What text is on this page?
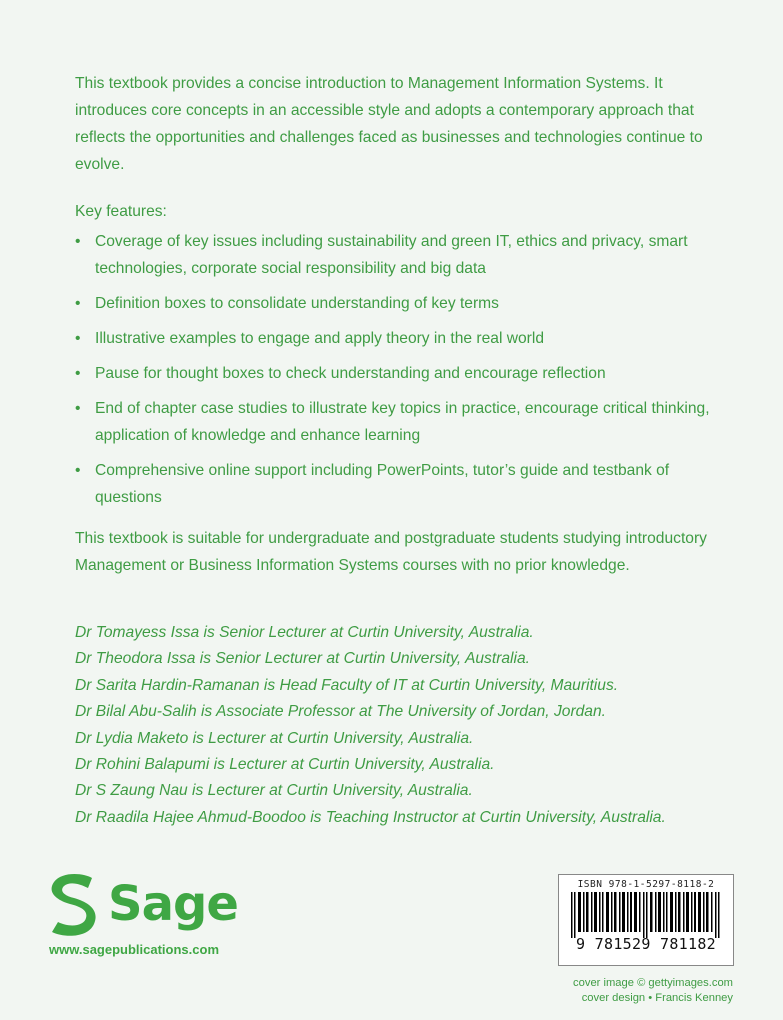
This textbook provides a concise introduction to Management Information Systems. It introduces core concepts in an accessible style and adopts a contemporary approach that reflects the opportunities and challenges faced as businesses and technologies continue to evolve.

Key features:

• Coverage of key issues including sustainability and green IT, ethics and privacy, smart technologies, corporate social responsibility and big data
• Definition boxes to consolidate understanding of key terms
• Illustrative examples to engage and apply theory in the real world
• Pause for thought boxes to check understanding and encourage reflection
• End of chapter case studies to illustrate key topics in practice, encourage critical thinking, application of knowledge and enhance learning
• Comprehensive online support including PowerPoints, tutor’s guide and testbank of questions

This textbook is suitable for undergraduate and postgraduate students studying introductory Management or Business Information Systems courses with no prior knowledge.

Dr Tomayess Issa is Senior Lecturer at Curtin University, Australia.
Dr Theodora Issa is Senior Lecturer at Curtin University, Australia.
Dr Sarita Hardin-Ramanan is Head Faculty of IT at Curtin University, Mauritius.
Dr Bilal Abu-Salih is Associate Professor at The University of Jordan, Jordan.
Dr Lydia Maketo is Lecturer at Curtin University, Australia.
Dr Rohini Balapumi is Lecturer at Curtin University, Australia.
Dr S Zaung Nau is Lecturer at Curtin University, Australia.
Dr Raadila Hajee Ahmud-Boodoo is Teaching Instructor at Curtin University, Australia.
Sage
www.sagepublications.com
ISBN 978-1-5297-8118-2
9 781529 781182
cover image © gettyimages.com
cover design • Francis Kenney
